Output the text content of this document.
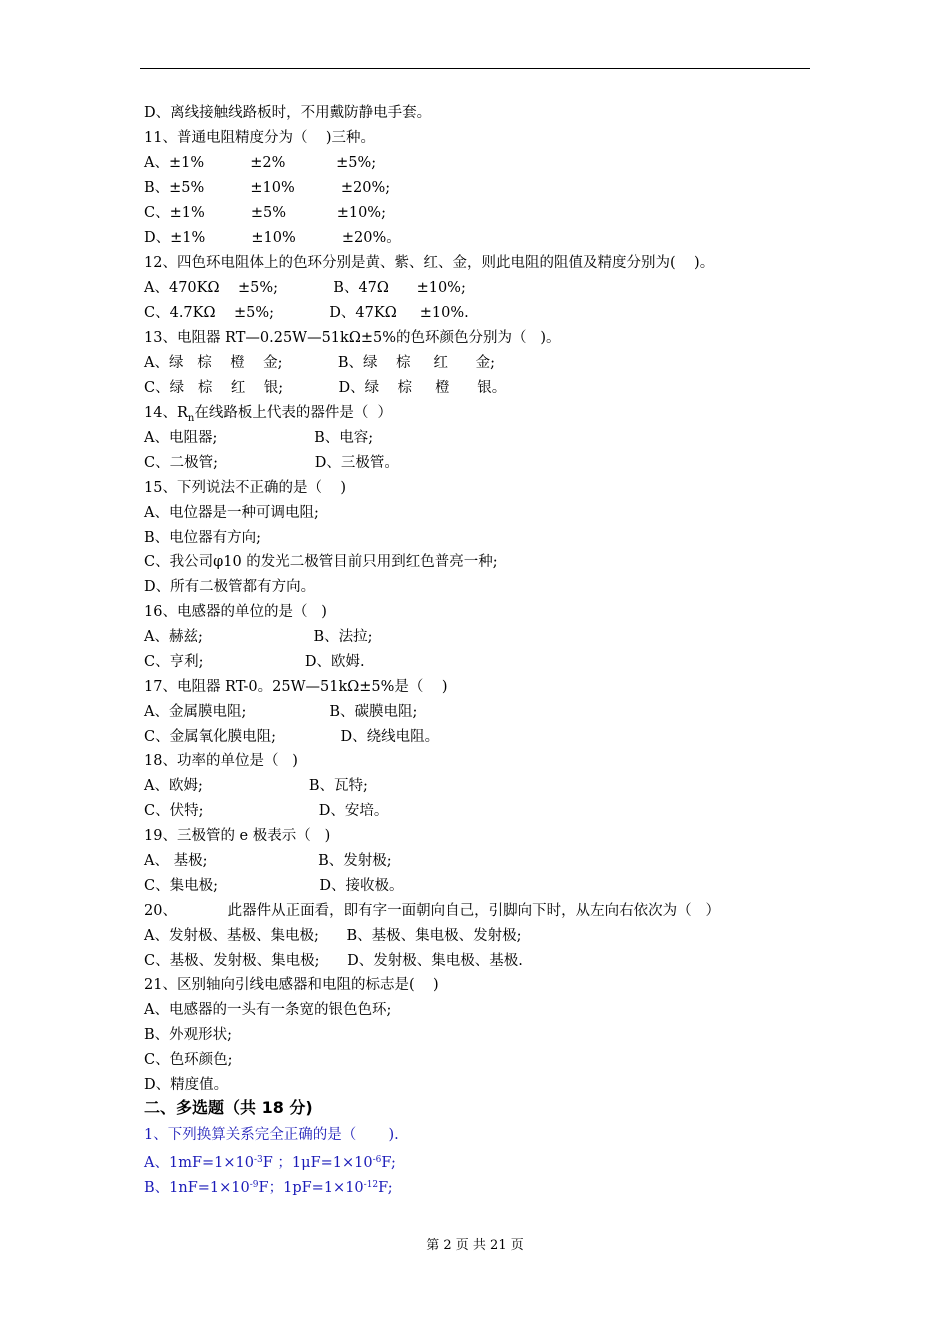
D、离线接触线路板时，不用戴防静电手套。
11、普通电阻精度分为（    )三种。
A、±1%          ±2%           ±5%;
B、±5%          ±10%          ±20%;
C、±1%          ±5%           ±10%;
D、±1%          ±10%          ±20%。
12、四色环电阻体上的色环分别是黄、紫、红、金，则此电阻的阻值及精度分别为(    )。
A、470KΩ    ±5%;            B、47Ω      ±10%;
C、4.7KΩ    ±5%;            D、47KΩ     ±10%.
13、电阻器 RT—0.25W—51kΩ±5%的色环颜色分别为（   )。
A、绿   棕    橙    金;            B、绿    棕     红      金;
C、绿   棕    红    银;            D、绿    棕     橙      银。
14、$R_n$在线路板上代表的器件是（  ）
A、电阻器;                     B、电容;
C、二极管;                     D、三极管。
15、下列说法不正确的是（    )
A、电位器是一种可调电阻;
B、电位器有方向;
C、我公司φ10 的发光二极管目前只用到红色普亮一种;
D、所有二极管都有方向。
16、电感器的单位的是（   )
A、赫兹;                        B、法拉;
C、亨利;                      D、欧姆.
17、电阻器 RT-0。25W—51kΩ±5%是（    )
A、金属膜电阻;                  B、碳膜电阻;
C、金属氧化膜电阻;              D、绕线电阻。
18、功率的单位是（   )
A、欧姆;                       B、瓦特;
C、伏特;                         D、安培。
19、三极管的 e 极表示（   )
A、 基极;                        B、发射极;
C、集电极;                      D、接收极。
20、           此器件从正面看，即有字一面朝向自己，引脚向下时，从左向右依次为（   ）
A、发射极、基极、集电极;      B、基极、集电极、发射极;
C、基极、发射极、集电极;      D、发射极、集电极、基极.
21、区别轴向引线电感器和电阻的标志是(    )
A、电感器的一头有一条宽的银色色环;
B、外观形状;
C、色环颜色;
D、精度值。
二、多选题（共 18 分)
1、下列换算关系完全正确的是（       ).
A、$1mF=1\times 10^{-3}F$ ；$1\mu F=1\times 10^{-6}F$;
B、$1nF=1\times 10^{-9}F$；$1pF=1\times 10^{-12}F$;
第 2 页 共 21 页
